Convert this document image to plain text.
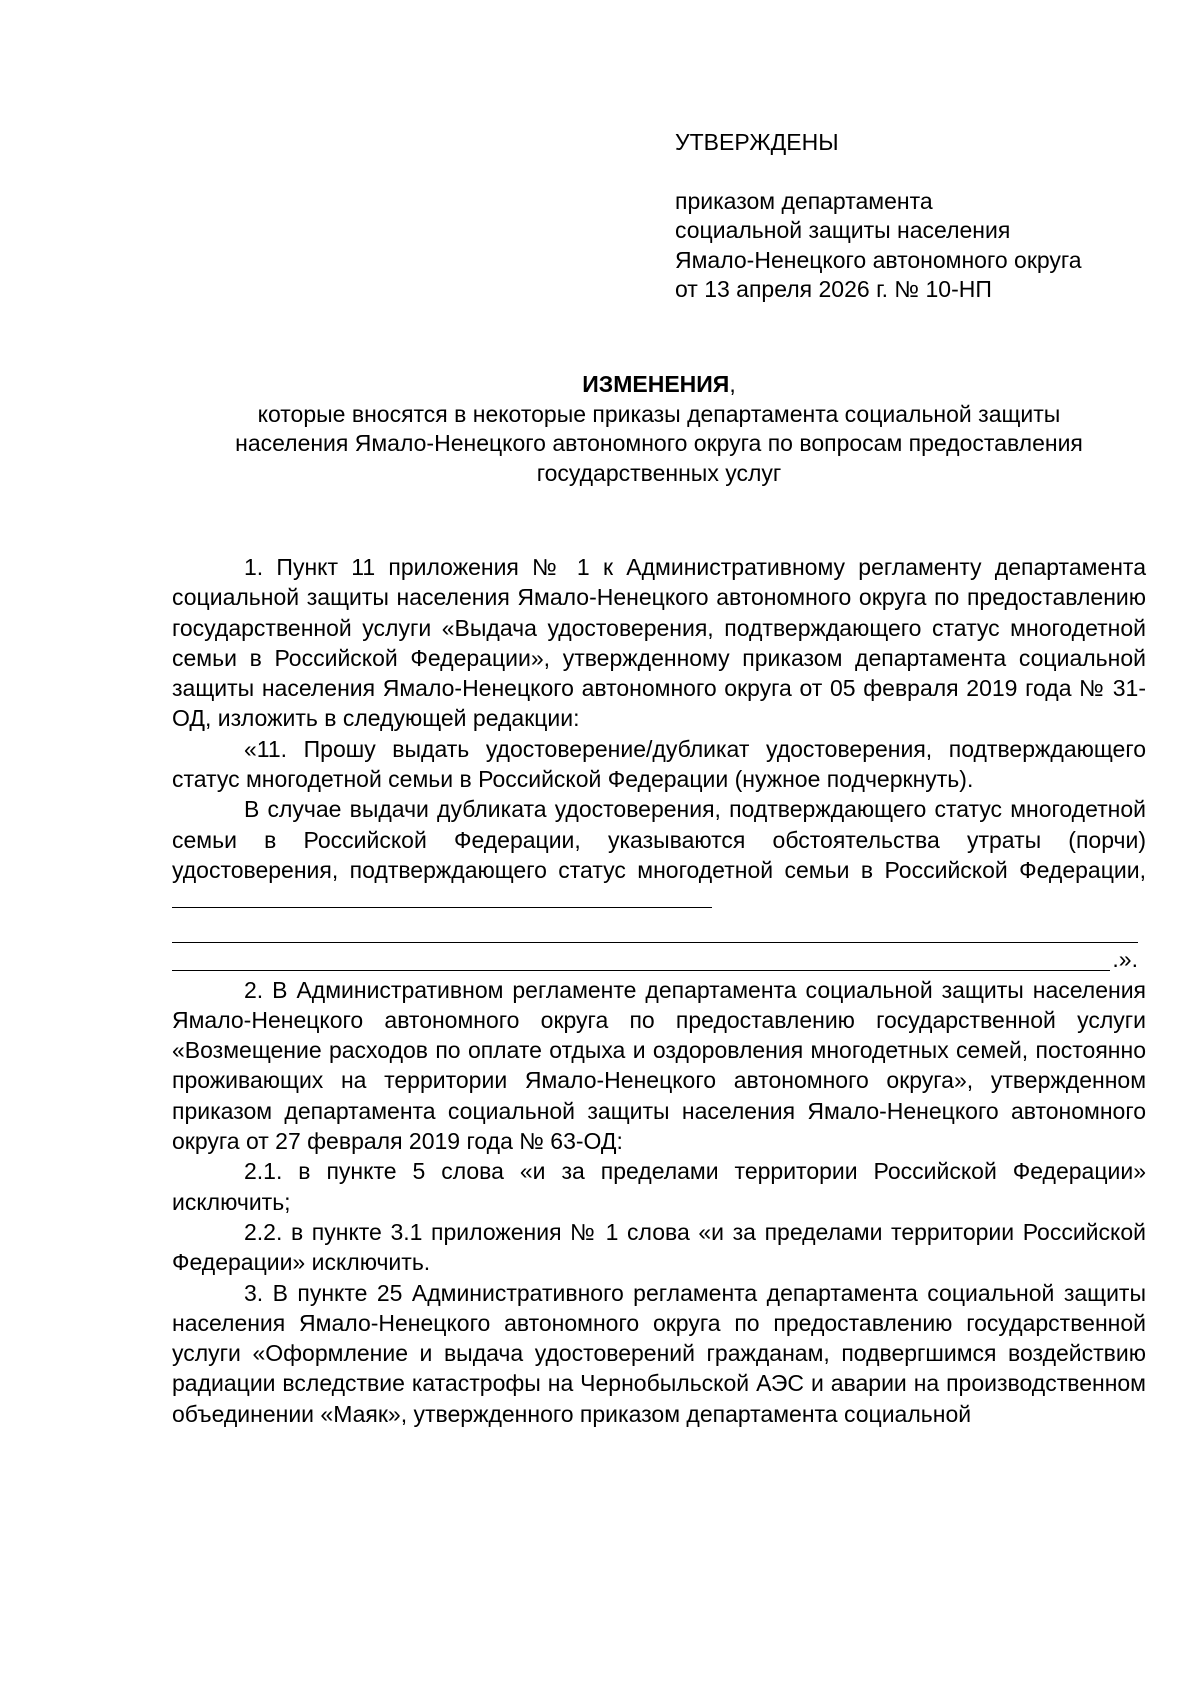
УТВЕРЖДЕНЫ
приказом департамента
социальной защиты населения
Ямало-Ненецкого автономного округа
от 13 апреля 2026 г. № 10-НП
ИЗМЕНЕНИЯ,
которые вносятся в некоторые приказы департамента социальной защиты
населения Ямало-Ненецкого автономного округа по вопросам предоставления
государственных услуг
1. Пункт 11 приложения № 1 к Административному регламенту департамента социальной защиты населения Ямало-Ненецкого автономного округа по предоставлению государственной услуги «Выдача удостоверения, подтверждающего статус многодетной семьи в Российской Федерации», утвержденному приказом департамента социальной защиты населения Ямало-Ненецкого автономного округа от 05 февраля 2019 года № 31-ОД, изложить в следующей редакции:
«11. Прошу выдать удостоверение/дубликат удостоверения, подтверждающего статус многодетной семьи в Российской Федерации (нужное подчеркнуть).
В случае выдачи дубликата удостоверения, подтверждающего статус многодетной семьи в Российской Федерации, указываются обстоятельства утраты (порчи) удостоверения, подтверждающего статус многодетной семьи в Российской Федерации,
.».
2. В Административном регламенте департамента социальной защиты населения Ямало-Ненецкого автономного округа по предоставлению государственной услуги «Возмещение расходов по оплате отдыха и оздоровления многодетных семей, постоянно проживающих на территории Ямало-Ненецкого автономного округа», утвержденном приказом департамента социальной защиты населения Ямало-Ненецкого автономного округа от 27 февраля 2019 года № 63-ОД:
2.1. в пункте 5 слова «и за пределами территории Российской Федерации» исключить;
2.2. в пункте 3.1 приложения № 1 слова «и за пределами территории Российской Федерации» исключить.
3. В пункте 25 Административного регламента департамента социальной защиты населения Ямало-Ненецкого автономного округа по предоставлению государственной услуги «Оформление и выдача удостоверений гражданам, подвергшимся воздействию радиации вследствие катастрофы на Чернобыльской АЭС и аварии на производственном объединении «Маяк», утвержденного приказом департамента социальной
